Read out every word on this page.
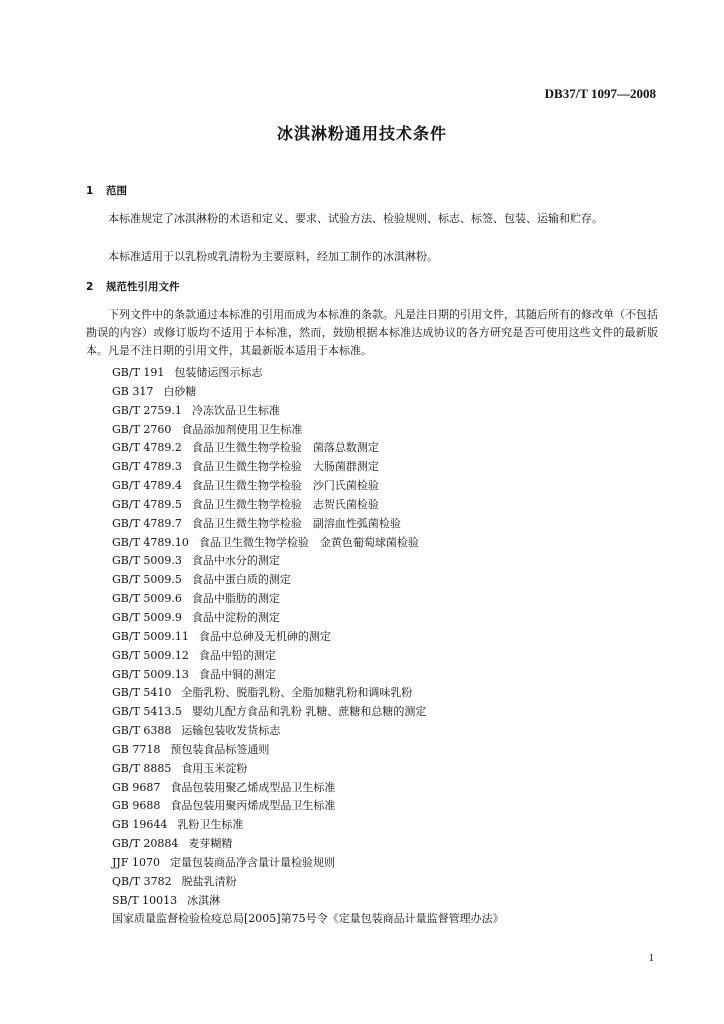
DB37/T 1097—2008
冰淇淋粉通用技术条件
1 范围
本标准规定了冰淇淋粉的术语和定义、要求、试验方法、检验规则、标志、标签、包装、运输和贮存。
本标准适用于以乳粉或乳清粉为主要原料，经加工制作的冰淇淋粉。
2 规范性引用文件
下列文件中的条款通过本标准的引用而成为本标准的条款。凡是注日期的引用文件，其随后所有的修改单（不包括勘误的内容）或修订版均不适用于本标准，然而，鼓励根据本标准达成协议的各方研究是否可使用这些文件的最新版本。凡是不注日期的引用文件，其最新版本适用于本标准。
GB/T 191 包装储运图示标志
GB 317 白砂糖
GB/T 2759.1 冷冻饮品卫生标准
GB/T 2760 食品添加剂使用卫生标准
GB/T 4789.2 食品卫生微生物学检验　菌落总数测定
GB/T 4789.3 食品卫生微生物学检验　大肠菌群测定
GB/T 4789.4 食品卫生微生物学检验　沙门氏菌检验
GB/T 4789.5 食品卫生微生物学检验　志贺氏菌检验
GB/T 4789.7 食品卫生微生物学检验　副溶血性弧菌检验
GB/T 4789.10 食品卫生微生物学检验　金黄色葡萄球菌检验
GB/T 5009.3 食品中水分的测定
GB/T 5009.5 食品中蛋白质的测定
GB/T 5009.6 食品中脂肪的测定
GB/T 5009.9 食品中淀粉的测定
GB/T 5009.11 食品中总砷及无机砷的测定
GB/T 5009.12 食品中铅的测定
GB/T 5009.13 食品中铜的测定
GB/T 5410 全脂乳粉、脱脂乳粉、全脂加糖乳粉和调味乳粉
GB/T 5413.5 婴幼儿配方食品和乳粉 乳糖、蔗糖和总糖的测定
GB/T 6388 运输包装收发货标志
GB 7718 预包装食品标签通则
GB/T 8885 食用玉米淀粉
GB 9687 食品包装用聚乙烯成型品卫生标准
GB 9688 食品包装用聚丙烯成型品卫生标准
GB 19644 乳粉卫生标准
GB/T 20884 麦芽糊精
JJF 1070 定量包装商品净含量计量检验规则
QB/T 3782 脱盐乳清粉
SB/T 10013 冰淇淋
国家质量监督检验检疫总局[2005]第75号令《定量包装商品计量监督管理办法》
1
